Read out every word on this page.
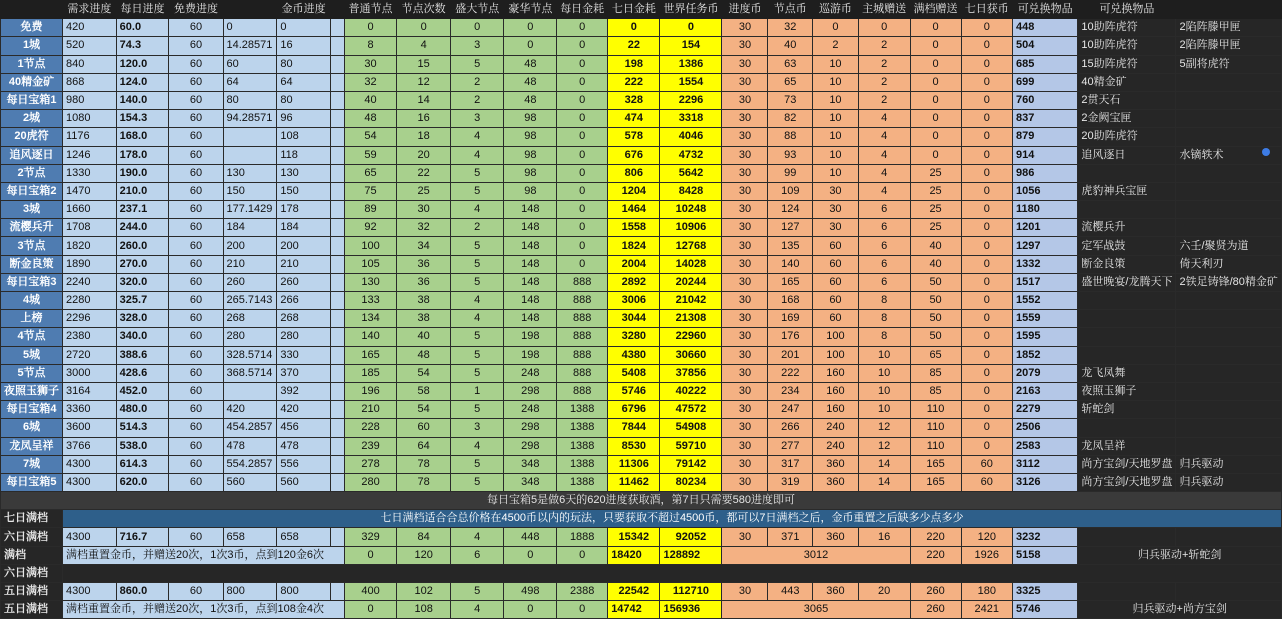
	需求进度	每日进度	免费进度		金币进度		普通节点	节点次数	盛大节点	豪华节点	每日金耗	七日金耗	世界任务币	进度币	节点币	巡游币	主城赠送	满档赠送	七日获币	可兑换物品	可兑换物品	
免费	420	60.0	60	0	0		0	0	0	0	0	0	0	30	32	0	0	0	0	448	10助阵虎符	2陷阵滕甲匣
1城	520	74.3	60	14.28571	16		8	4	3	0	0	22	154	30	40	2	2	0	0	504	10助阵虎符	2陷阵滕甲匣
1节点	840	120.0	60	60	80		30	15	5	48	0	198	1386	30	63	10	2	0	0	685	15助阵虎符	5副将虎符
40精金矿	868	124.0	60	64	64		32	12	2	48	0	222	1554	30	65	10	2	0	0	699	40精金矿	
每日宝箱1	980	140.0	60	80	80		40	14	2	48	0	328	2296	30	73	10	2	0	0	760	2贯天石	
2城	1080	154.3	60	94.28571	96		48	16	3	98	0	474	3318	30	82	10	4	0	0	837	2金阙宝匣	
20虎符	1176	168.0	60		108		54	18	4	98	0	578	4046	30	88	10	4	0	0	879	20助阵虎符	
追风逐日	1246	178.0	60		118		59	20	4	98	0	676	4732	30	93	10	4	0	0	914	追风逐日	水镝轶术
2节点	1330	190.0	60	130	130		65	22	5	98	0	806	5642	30	99	10	4	25	0	986		
每日宝箱2	1470	210.0	60	150	150		75	25	5	98	0	1204	8428	30	109	30	4	25	0	1056	虎豹神兵宝匣	
3城	1660	237.1	60	177.1429	178		89	30	4	148	0	1464	10248	30	124	30	6	25	0	1180		
流樱兵升	1708	244.0	60	184	184		92	32	2	148	0	1558	10906	30	127	30	6	25	0	1201	流樱兵升	
3节点	1820	260.0	60	200	200		100	34	5	148	0	1824	12768	30	135	60	6	40	0	1297	定军战鼓	六壬/聚贤为道
断金良策	1890	270.0	60	210	210		105	36	5	148	0	2004	14028	30	140	60	6	40	0	1332	断金良策	倚天利刃
每日宝箱3	2240	320.0	60	260	260		130	36	5	148	888	2892	20244	30	165	60	6	50	0	1517	盛世晚宴/龙腾天下	2铁足铸锋/80精金矿
4城	2280	325.7	60	265.7143	266		133	38	4	148	888	3006	21042	30	168	60	8	50	0	1552		
上榜	2296	328.0	60	268	268		134	38	4	148	888	3044	21308	30	169	60	8	50	0	1559		
4节点	2380	340.0	60	280	280		140	40	5	198	888	3280	22960	30	176	100	8	50	0	1595		
5城	2720	388.6	60	328.5714	330		165	48	5	198	888	4380	30660	30	201	100	10	65	0	1852		
5节点	3000	428.6	60	368.5714	370		185	54	5	248	888	5408	37856	30	222	160	10	85	0	2079	龙飞凤舞	
夜照玉狮子	3164	452.0	60		392		196	58	1	298	888	5746	40222	30	234	160	10	85	0	2163	夜照玉狮子	
每日宝箱4	3360	480.0	60	420	420		210	54	5	248	1388	6796	47572	30	247	160	10	110	0	2279	斩蛇剑	
6城	3600	514.3	60	454.2857	456		228	60	3	298	1388	7844	54908	30	266	240	12	110	0	2506		
龙凤呈祥	3766	538.0	60	478	478		239	64	4	298	1388	8530	59710	30	277	240	12	110	0	2583	龙凤呈祥	
7城	4300	614.3	60	554.2857	556		278	78	5	348	1388	11306	79142	30	317	360	14	165	60	3112	尚方宝剑/天地罗盘	归兵驱动
每日宝箱5	4300	620.0	60	560	560		280	78	5	348	1388	11462	80234	30	319	360	14	165	60	3126	尚方宝剑/天地罗盘	归兵驱动
每日宝箱5是做6天的620进度获取酒，第7日只需要580进度即可																						
七日满档	七日满档适合合总价格在4500币以内的玩法，只要获取不超过4500币，都可以7日满档之后，金币重置之后缺多少点多少																					
六日满档	4300	716.7	60	658	658		329	84	4	448	1888	15342	92052	30	371	360	16	220	120	3232		
满档	满档重置金币，并赠送20次，1次3币，点到120金6次						0	120	6	0	0	18420	128892	3012				220	1926	5158	归兵驱动+斩蛇剑	
六日满档																						
五日满档	4300	860.0	60	800	800		400	102	5	498	2388	22542	112710	30	443	360	20	260	180	3325		
五日满档	满档重置金币，并赠送20次，1次3币，点到108金4次						0	108	4	0	0	14742	156936	3065				260	2421	5746	归兵驱动+尚方宝剑	
